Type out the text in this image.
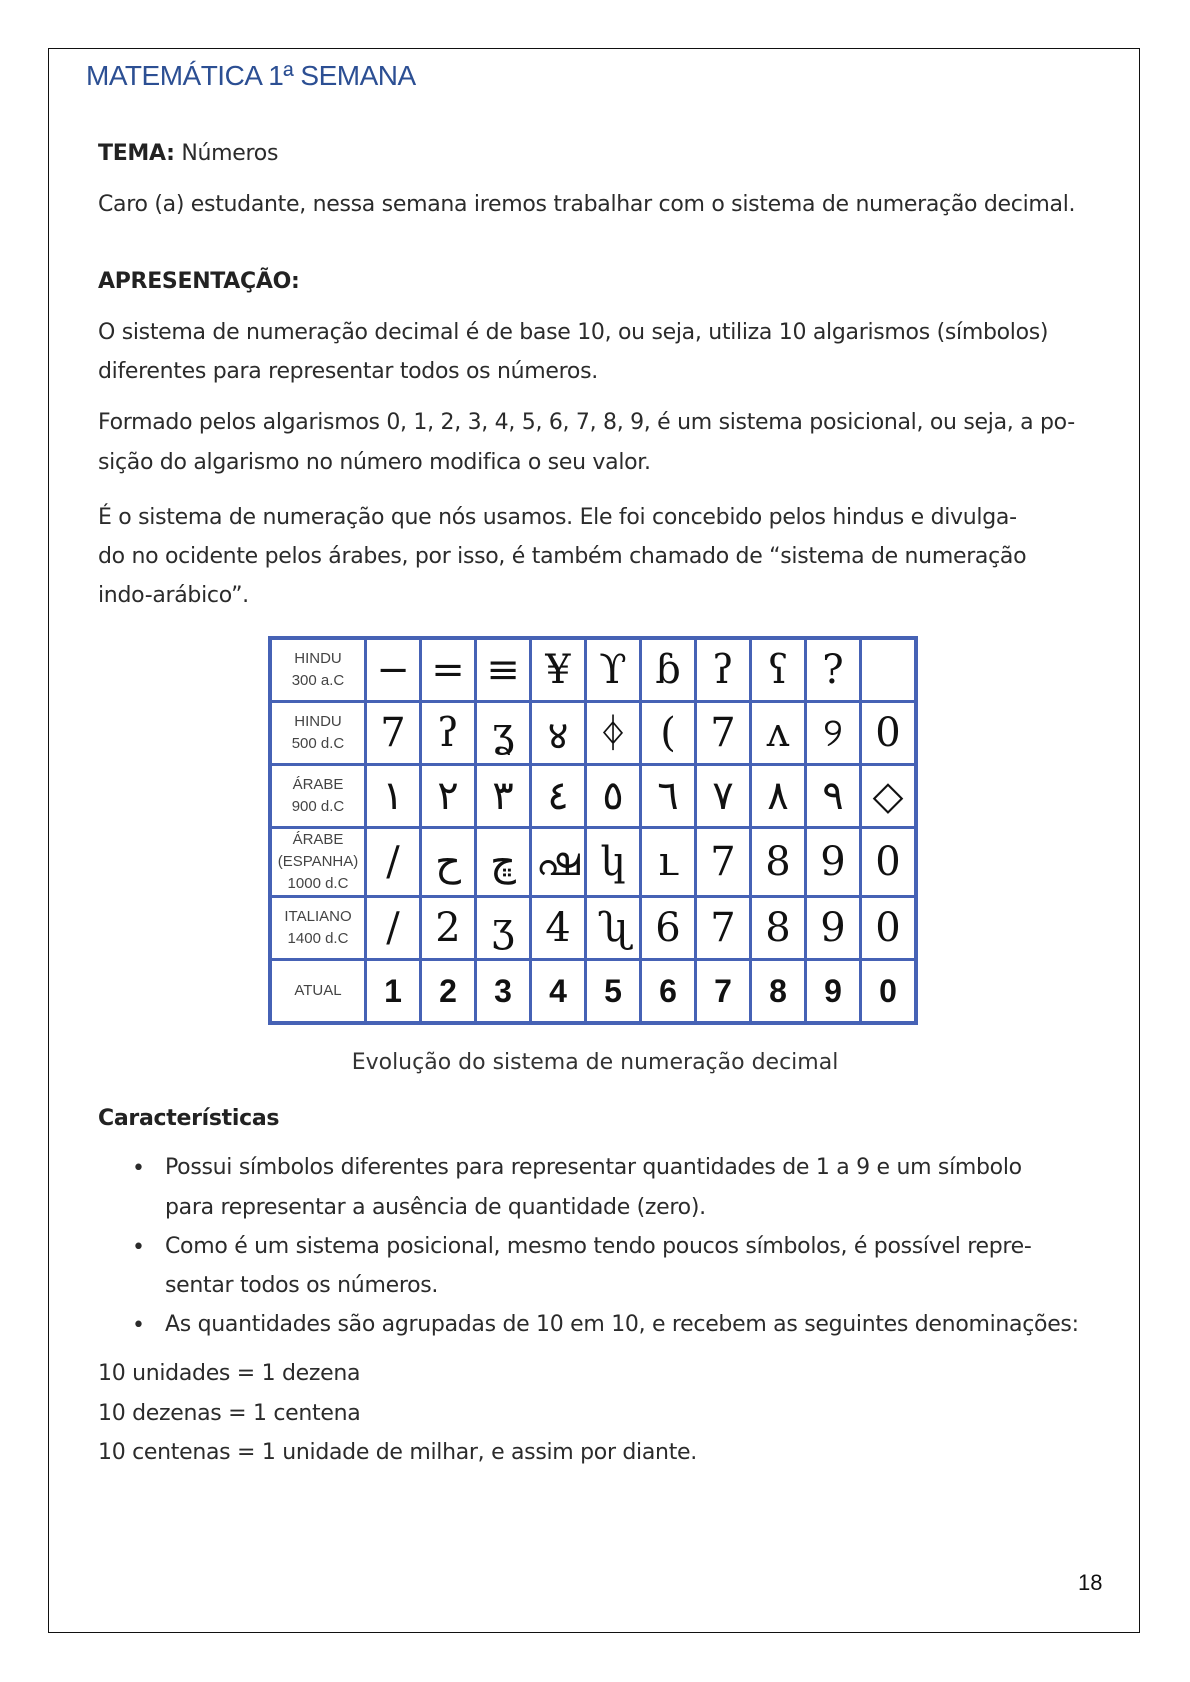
MATEMÁTICA 1ª SEMANA
TEMA: Números
Caro (a) estudante, nessa semana iremos trabalhar com o sistema de numeração decimal.
APRESENTAÇÃO:
O sistema de numeração decimal é de base 10, ou seja, utiliza 10 algarismos (símbolos)
diferentes para representar todos os números.
Formado pelos algarismos 0, 1, 2, 3, 4, 5, 6, 7, 8, 9, é um sistema posicional, ou seja, a po-
sição do algarismo no número modifica o seu valor.
É o sistema de numeração que nós usamos. Ele foi concebido pelos hindus e divulga-
do no ocidente pelos árabes, por isso, é também chamado de “sistema de numeração
indo-arábico”.
HINDU
300 a.C	−	=	≡	¥	ϒ	ɓ	ʔ	ʕ	?	

HINDU
500 d.C	7	ʔ	ʓ	४	ᛄ	(	7	ʌ	୨	0

ÁRABE
900 d.C	١	٢	٣	٤	٥	٦	٧	٨	٩	◇

ÁRABE
(ESPANHA)
1000 d.C	/	ح	ڇ	ഷ	կ	ւ	7	8	9	0

ITALIANO
1400 d.C	/	2	ʒ	4	ʯ	6	7	8	9	0

ATUAL	1	2	3	4	5	6	7	8	9	0
Evolução do sistema de numeração decimal
Características
• Possui símbolos diferentes para representar quantidades de 1 a 9 e um símbolo
para representar a ausência de quantidade (zero).
• Como é um sistema posicional, mesmo tendo poucos símbolos, é possível repre-
sentar todos os números.
• As quantidades são agrupadas de 10 em 10, e recebem as seguintes denominações:
10 unidades = 1 dezena
10 dezenas = 1 centena
10 centenas = 1 unidade de milhar, e assim por diante.
18
